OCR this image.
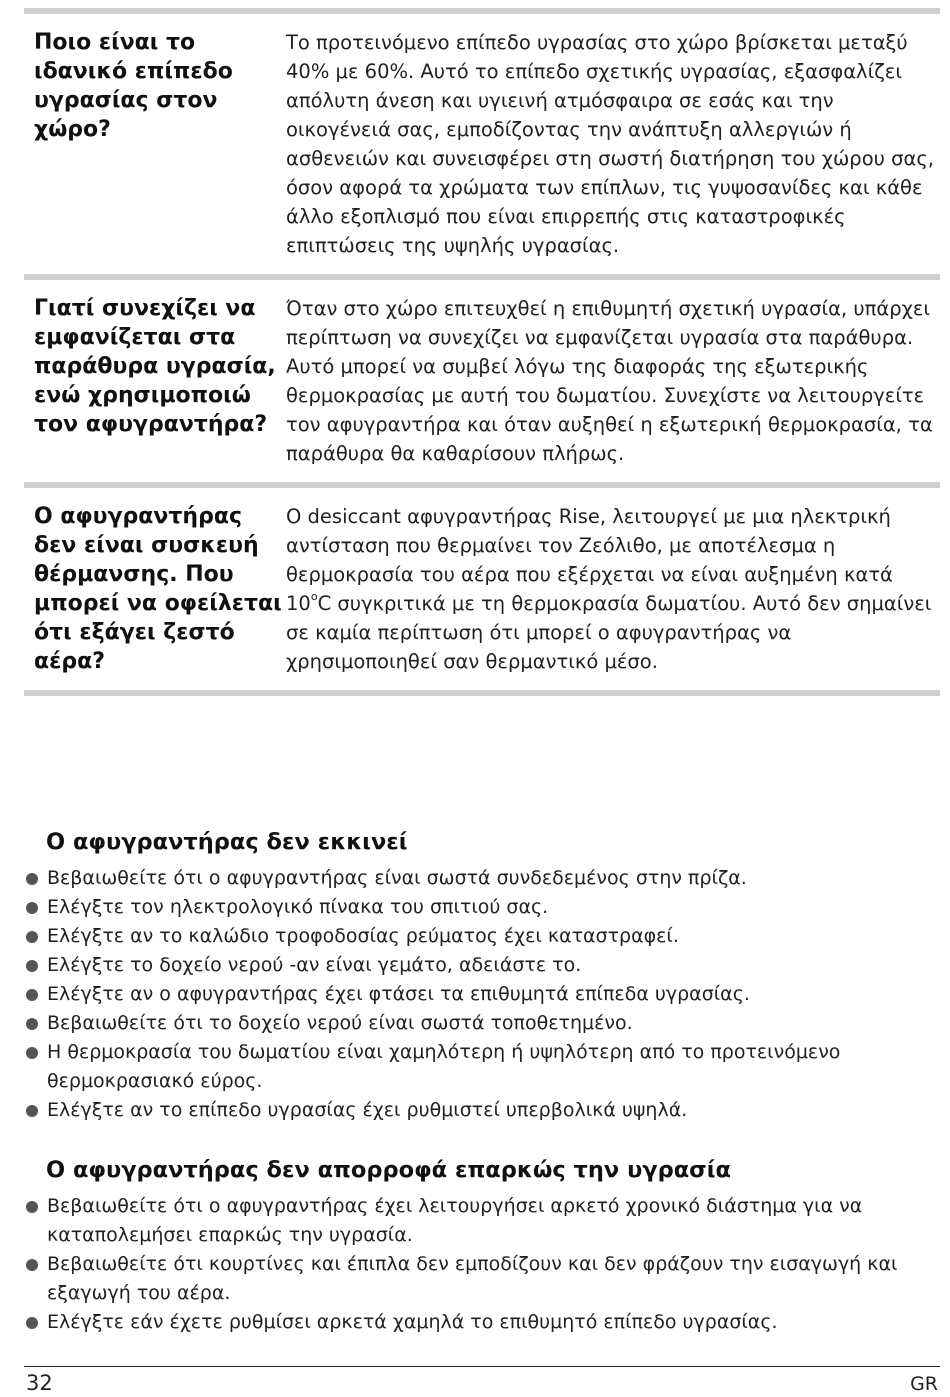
Ποιο είναι το ιδανικό επίπεδο υγρασίας στον χώρο?
Το προτεινόμενο επίπεδο υγρασίας στο χώρο βρίσκεται μεταξύ 40% με 60%. Αυτό το επίπεδο σχετικής υγρασίας, εξασφαλίζει απόλυτη άνεση και υγιεινή ατμόσφαιρα σε εσάς και την οικογένειά σας, εμποδίζοντας την ανάπτυξη αλλεργιών ή ασθενειών και συνεισφέρει στη σωστή διατήρηση του χώρου σας, όσον αφορά τα χρώματα των επίπλων, τις γυψοσανίδες και κάθε άλλο εξοπλισμό που είναι επιρρεπής στις καταστροφικές επιπτώσεις της υψηλής υγρασίας.
Γιατί συνεχίζει να εμφανίζεται στα παράθυρα υγρασία, ενώ χρησιμοποιώ τον αφυγραντήρα?
Όταν στο χώρο επιτευχθεί η επιθυμητή σχετική υγρασία, υπάρχει περίπτωση να συνεχίζει να εμφανίζεται υγρασία στα παράθυρα. Αυτό μπορεί να συμβεί λόγω της διαφοράς της εξωτερικής θερμοκρασίας με αυτή του δωματίου. Συνεχίστε να λειτουργείτε τον αφυγραντήρα και όταν αυξηθεί η εξωτερική θερμοκρασία, τα παράθυρα θα καθαρίσουν πλήρως.
Ο αφυγραντήρας δεν είναι συσκευή θέρμανσης. Που μπορεί να οφείλεται ότι εξάγει ζεστό αέρα?
Ο desiccant αφυγραντήρας Rise, λειτουργεί με μια ηλεκτρική αντίσταση που θερμαίνει τον Ζεόλιθο, με αποτέλεσμα η θερμοκρασία του αέρα που εξέρχεται να είναι αυξημένη κατά $10^oC$ συγκριτικά με τη θερμοκρασία δωματίου. Αυτό δεν σημαίνει σε καμία περίπτωση ότι μπορεί ο αφυγραντήρας να χρησιμοποιηθεί σαν θερμαντικό μέσο.
Ο αφυγραντήρας δεν εκκινεί
Βεβαιωθείτε ότι ο αφυγραντήρας είναι σωστά συνδεδεμένος στην πρίζα.
Ελέγξτε τον ηλεκτρολογικό πίνακα του σπιτιού σας.
Ελέγξτε αν το καλώδιο τροφοδοσίας ρεύματος έχει καταστραφεί.
Ελέγξτε το δοχείο νερού -αν είναι γεμάτο, αδειάστε το.
Ελέγξτε αν ο αφυγραντήρας έχει φτάσει τα επιθυμητά επίπεδα υγρασίας.
Βεβαιωθείτε ότι το δοχείο νερού είναι σωστά τοποθετημένο.
Η θερμοκρασία του δωματίου είναι χαμηλότερη ή υψηλότερη από το προτεινόμενο θερμοκρασιακό εύρος.
Ελέγξτε αν το επίπεδο υγρασίας έχει ρυθμιστεί υπερβολικά υψηλά.
Ο αφυγραντήρας δεν απορροφά επαρκώς την υγρασία
Βεβαιωθείτε ότι ο αφυγραντήρας έχει λειτουργήσει αρκετό χρονικό διάστημα για να καταπολεμήσει επαρκώς την υγρασία.
Βεβαιωθείτε ότι κουρτίνες και έπιπλα δεν εμποδίζουν και δεν φράζουν την εισαγωγή και εξαγωγή του αέρα.
Ελέγξτε εάν έχετε ρυθμίσει αρκετά χαμηλά το επιθυμητό επίπεδο υγρασίας.
32	GR
